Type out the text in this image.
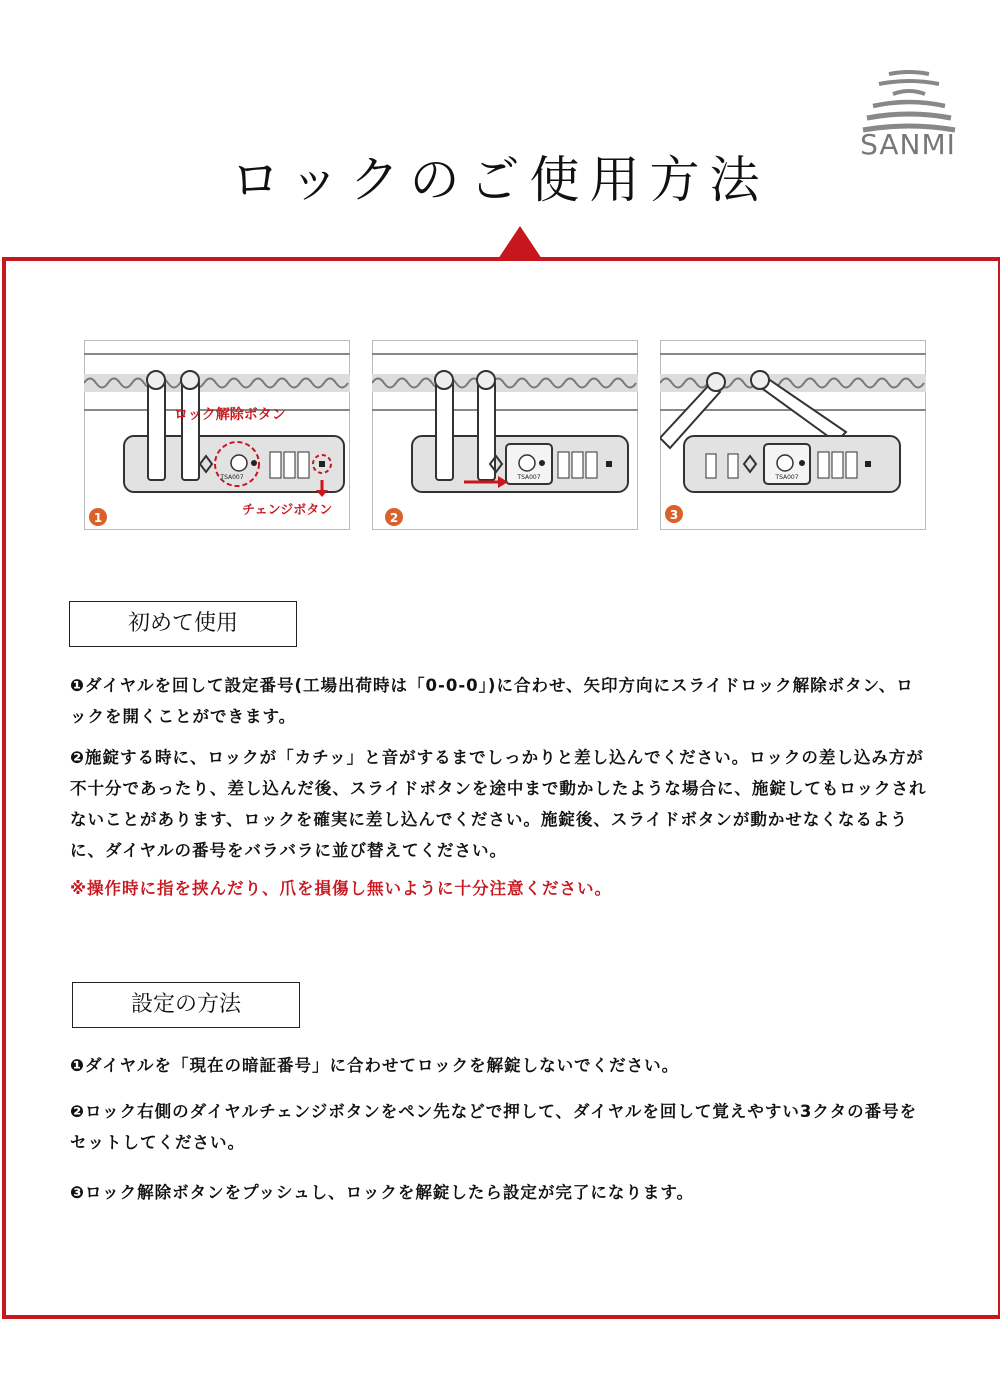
SANMI
ロックのご使用方法
TSA007
ロック解除ボタン
チェンジボタン
1
TSA007
2
TSA007
3
初めて使用
❶ダイヤルを回して設定番号(工場出荷時は「0-0-0」)に合わせ、矢印方向にスライドロック解除ボタン、ロックを開くことができます。
❷施錠する時に、ロックが「カチッ」と音がするまでしっかりと差し込んでください。ロックの差し込み方が不十分であったり、差し込んだ後、スライドボタンを途中まで動かしたような場合に、施錠してもロックされないことがあります、ロックを確実に差し込んでください。施錠後、スライドボタンが動かせなくなるように、ダイヤルの番号をバラバラに並び替えてください。
※操作時に指を挟んだり、爪を損傷し無いように十分注意ください。
設定の方法
❶ダイヤルを「現在の暗証番号」に合わせてロックを解錠しないでください。
❷ロック右側のダイヤルチェンジボタンをペン先などで押して、ダイヤルを回して覚えやすい3クタの番号をセットしてください。
❸ロック解除ボタンをプッシュし、ロックを解錠したら設定が完了になります。
